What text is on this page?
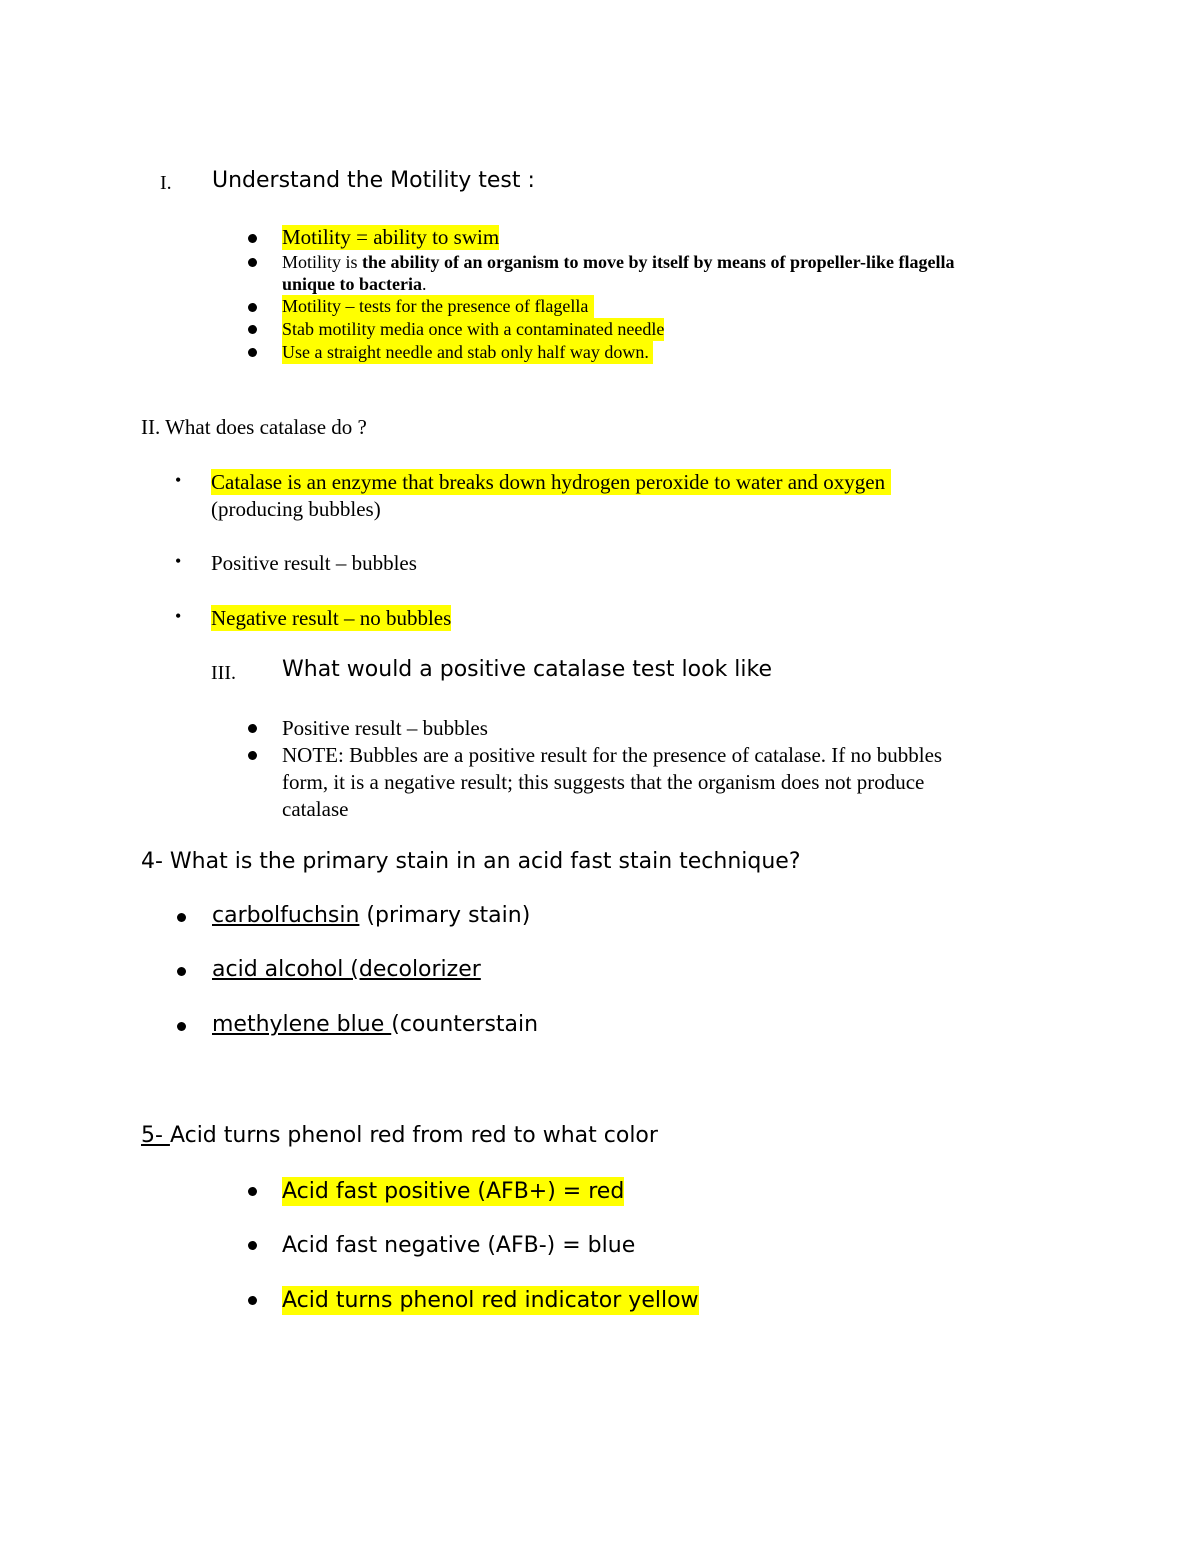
I. Understand the Motility test :
Motility = ability to swim
Motility is the ability of an organism to move by itself by means of propeller-like flagella
unique to bacteria.
Motility – tests for the presence of flagella
Stab motility media once with a contaminated needle
Use a straight needle and stab only half way down.
II. What does catalase do ?
• Catalase is an enzyme that breaks down hydrogen peroxide to water and oxygen
(producing bubbles)
• Positive result – bubbles
• Negative result – no bubbles
III. What would a positive catalase test look like
Positive result – bubbles
NOTE: Bubbles are a positive result for the presence of catalase. If no bubbles
form, it is a negative result; this suggests that the organism does not produce
catalase
4- What is the primary stain in an acid fast stain technique?
carbolfuchsin (primary stain)
acid alcohol (decolorizer
methylene blue (counterstain
5- Acid turns phenol red from red to what color
Acid fast positive (AFB+) = red
Acid fast negative (AFB-) = blue
Acid turns phenol red indicator yellow
